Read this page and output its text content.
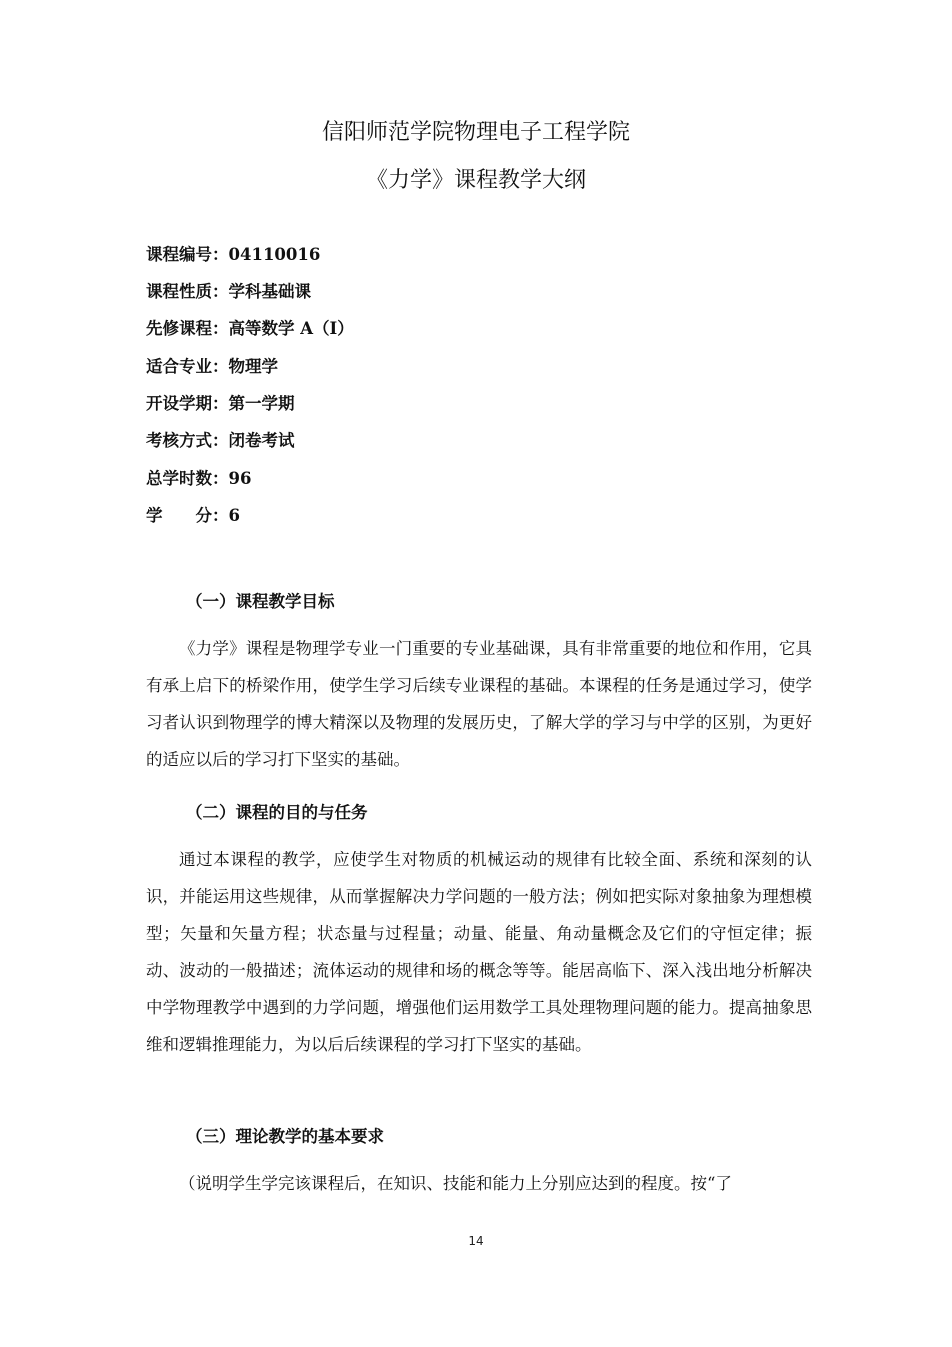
信阳师范学院物理电子工程学院
《力学》课程教学大纲
课程编号：04110016
课程性质：学科基础课
先修课程：高等数学 A（Ⅰ）
适合专业：物理学
开设学期：第一学期
考核方式：闭卷考试
总学时数：96
学　　分：6
（一）课程教学目标
《力学》课程是物理学专业一门重要的专业基础课，具有非常重要的地位和作用，它具有承上启下的桥梁作用，使学生学习后续专业课程的基础。本课程的任务是通过学习，使学习者认识到物理学的博大精深以及物理的发展历史，了解大学的学习与中学的区别，为更好的适应以后的学习打下坚实的基础。
（二）课程的目的与任务
通过本课程的教学，应使学生对物质的机械运动的规律有比较全面、系统和深刻的认识，并能运用这些规律，从而掌握解决力学问题的一般方法；例如把实际对象抽象为理想模型；矢量和矢量方程；状态量与过程量；动量、能量、角动量概念及它们的守恒定律；振动、波动的一般描述；流体运动的规律和场的概念等等。能居高临下、深入浅出地分析解决中学物理教学中遇到的力学问题，增强他们运用数学工具处理物理问题的能力。提高抽象思维和逻辑推理能力，为以后后续课程的学习打下坚实的基础。
（三）理论教学的基本要求
（说明学生学完该课程后，在知识、技能和能力上分别应达到的程度。按“了
14
